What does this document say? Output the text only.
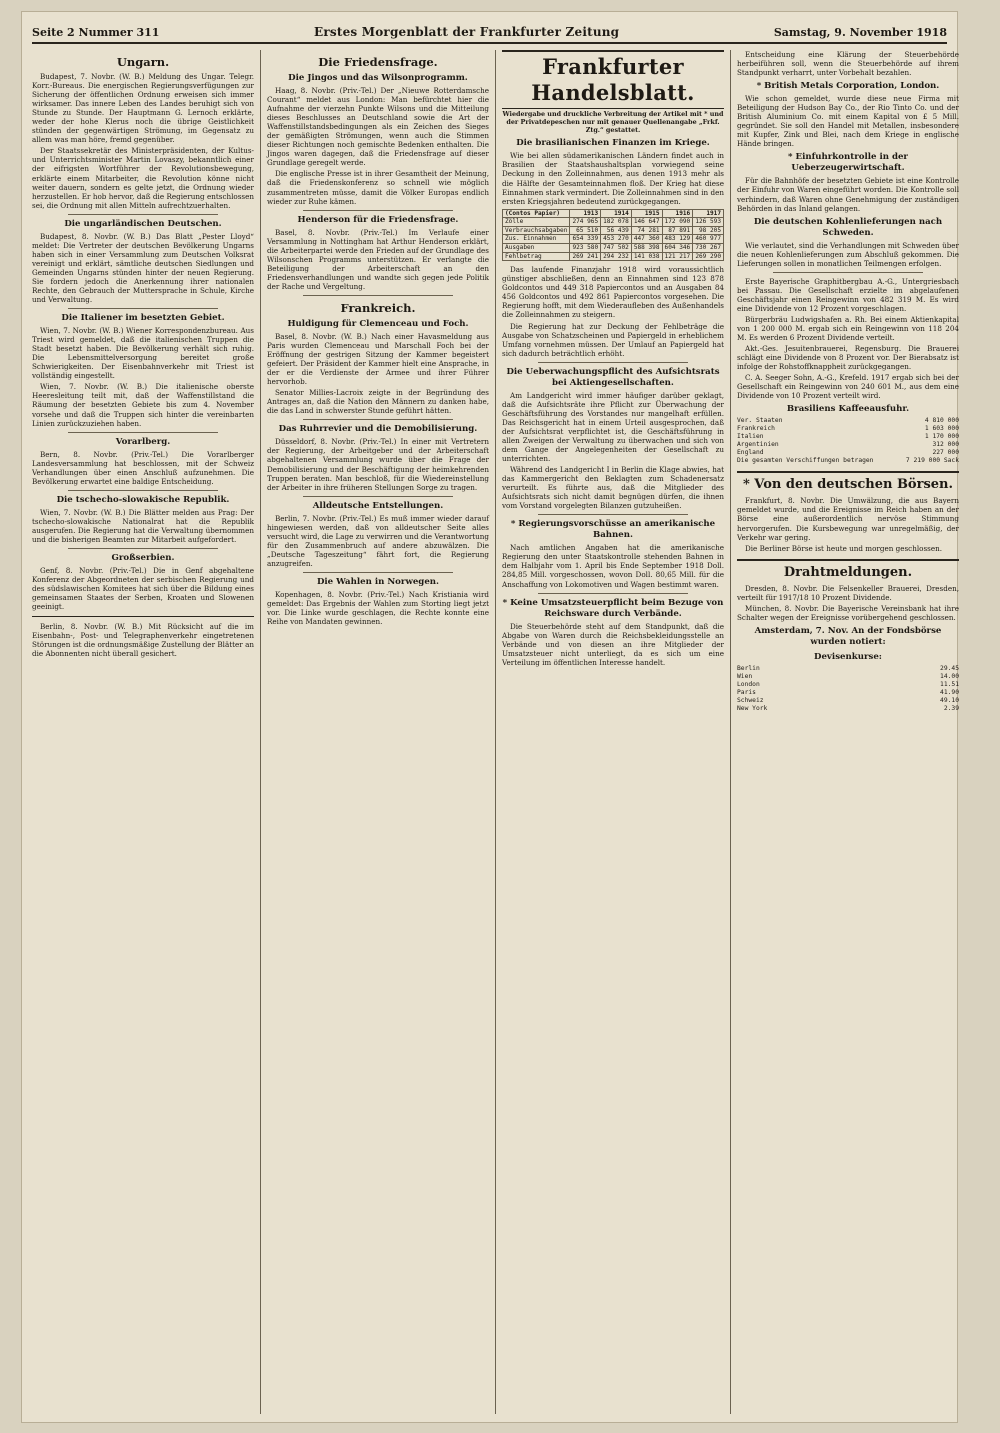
Seite 2 Nummer 311	Erstes Morgenblatt der Frankfurter Zeitung	Samstag, 9. November 1918
Ungarn.

Budapest, 7. Novbr. (W. B.) Meldung des Ungar. Telegr. Korr.-Bureaus. Die energischen Regierungsverfügungen zur Sicherung der öffentlichen Ordnung erweisen sich immer wirksamer. Das innere Leben des Landes beruhigt sich von Stunde zu Stunde. Der Hauptmann G. Lernoch erklärte, weder der hohe Klerus noch die übrige Geistlichkeit stünden der gegenwärtigen Strömung, im Gegensatz zu allem was man höre, fremd gegenüber.

Der Staatssekretär des Ministerpräsidenten, der Kultus- und Unterrichtsminister Martin Lovaszy, bekanntlich einer der eifrigsten Wortführer der Revolutionsbewegung, erklärte einem Mitarbeiter, die Revolution könne nicht weiter dauern, sondern es gelte jetzt, die Ordnung wieder herzustellen. Er hob hervor, daß die Regierung entschlossen sei, die Ordnung mit allen Mitteln aufrechtzuerhalten.

Die ungarländischen Deutschen.

Budapest, 8. Novbr. (W. B.) Das Blatt „Pester Lloyd“ meldet: Die Vertreter der deutschen Bevölkerung Ungarns haben sich in einer Versammlung zum Deutschen Volksrat vereinigt und erklärt, sämtliche deutschen Siedlungen und Gemeinden Ungarns stünden hinter der neuen Regierung. Sie fordern jedoch die Anerkennung ihrer nationalen Rechte, den Gebrauch der Muttersprache in Schule, Kirche und Verwaltung.

Die Italiener im besetzten Gebiet.

Wien, 7. Novbr. (W. B.) Wiener Korrespondenzbureau. Aus Triest wird gemeldet, daß die italienischen Truppen die Stadt besetzt haben. Die Bevölkerung verhält sich ruhig. Die Lebensmittelversorgung bereitet große Schwierigkeiten. Der Eisenbahnverkehr mit Triest ist vollständig eingestellt.

Wien, 7. Novbr. (W. B.) Die italienische oberste Heeresleitung teilt mit, daß der Waffenstillstand die Räumung der besetzten Gebiete bis zum 4. November vorsehe und daß die Truppen sich hinter die vereinbarten Linien zurückzuziehen haben.

Vorarlberg.

Bern, 8. Novbr. (Priv.-Tel.) Die Vorarlberger Landesversammlung hat beschlossen, mit der Schweiz Verhandlungen über einen Anschluß aufzunehmen. Die Bevölkerung erwartet eine baldige Entscheidung.

Die tschecho-slowakische Republik.

Wien, 7. Novbr. (W. B.) Die Blätter melden aus Prag: Der tschecho-slowakische Nationalrat hat die Republik ausgerufen. Die Regierung hat die Verwaltung übernommen und die bisherigen Beamten zur Mitarbeit aufgefordert.

Großserbien.

Genf, 8. Novbr. (Priv.-Tel.) Die in Genf abgehaltene Konferenz der Abgeordneten der serbischen Regierung und des südslawischen Komitees hat sich über die Bildung eines gemeinsamen Staates der Serben, Kroaten und Slowenen geeinigt.

Berlin, 8. Novbr. (W. B.) Mit Rücksicht auf die im Eisenbahn-, Post- und Telegraphenverkehr eingetretenen Störungen ist die ordnungsmäßige Zustellung der Blätter an die Abonnenten nicht überall gesichert.

Die Friedensfrage.
Die Jingos und das Wilsonprogramm.

Haag, 8. Novbr. (Priv.-Tel.) Der „Nieuwe Rotterdamsche Courant“ meldet aus London: Man befürchtet hier die Aufnahme der vierzehn Punkte Wilsons und die Mitteilung dieses Beschlusses an Deutschland sowie die Art der Waffenstillstandsbedingungen als ein Zeichen des Sieges der gemäßigten Strömungen, wenn auch die Stimmen dieser Richtungen noch gemischte Bedenken enthalten. Die Jingos waren dagegen, daß die Friedensfrage auf dieser Grundlage geregelt werde.

Die englische Presse ist in ihrer Gesamtheit der Meinung, daß die Friedenskonferenz so schnell wie möglich zusammentreten müsse, damit die Völker Europas endlich wieder zur Ruhe kämen.

Henderson für die Friedensfrage.

Basel, 8. Novbr. (Priv.-Tel.) Im Verlaufe einer Versammlung in Nottingham hat Arthur Henderson erklärt, die Arbeiterpartei werde den Frieden auf der Grundlage des Wilsonschen Programms unterstützen. Er verlangte die Beteiligung der Arbeiterschaft an den Friedensverhandlungen und wandte sich gegen jede Politik der Rache und Vergeltung.

Frankreich.
Huldigung für Clemenceau und Foch.

Basel, 8. Novbr. (W. B.) Nach einer Havasmeldung aus Paris wurden Clemenceau und Marschall Foch bei der Eröffnung der gestrigen Sitzung der Kammer begeistert gefeiert. Der Präsident der Kammer hielt eine Ansprache, in der er die Verdienste der Armee und ihrer Führer hervorhob.

Senator Millies-Lacroix zeigte in der Begründung des Antrages an, daß die Nation den Männern zu danken habe, die das Land in schwerster Stunde geführt hätten.

Das Ruhrrevier und die Demobilisierung.

Düsseldorf, 8. Novbr. (Priv.-Tel.) In einer mit Vertretern der Regierung, der Arbeitgeber und der Arbeiterschaft abgehaltenen Versammlung wurde über die Frage der Demobilisierung und der Beschäftigung der heimkehrenden Truppen beraten. Man beschloß, für die Wiedereinstellung der Arbeiter in ihre früheren Stellungen Sorge zu tragen.

Alldeutsche Entstellungen.

Berlin, 7. Novbr. (Priv.-Tel.) Es muß immer wieder darauf hingewiesen werden, daß von alldeutscher Seite alles versucht wird, die Lage zu verwirren und die Verantwortung für den Zusammenbruch auf andere abzuwälzen. Die „Deutsche Tageszeitung“ fährt fort, die Regierung anzugreifen.

Die Wahlen in Norwegen.

Kopenhagen, 8. Novbr. (Priv.-Tel.) Nach Kristiania wird gemeldet: Das Ergebnis der Wahlen zum Storting liegt jetzt vor. Die Linke wurde geschlagen, die Rechte konnte eine Reihe von Mandaten gewinnen.

Frankfurter Handelsblatt.
Wiedergabe und druckliche Verbreitung der Artikel mit * und der Privatdepeschen nur mit genauer Quellenangabe „Frkf. Ztg.“ gestattet.
Die brasilianischen Finanzen im Kriege.

Wie bei allen südamerikanischen Ländern findet auch in Brasilien der Staatshaushaltsplan vorwiegend seine Deckung in den Zolleinnahmen, aus denen 1913 mehr als die Hälfte der Gesamteinnahmen floß. Der Krieg hat diese Einnahmen stark vermindert. Die Zolleinnahmen sind in den ersten Kriegsjahren bedeutend zurückgegangen.

(Contos Papier)	1913	1914	1915	1916	1917
Zölle	274 965	182 078	146 647	172 090	126 593
Verbrauchsabgaben	65 510	56 439	74 281	87 891	98 205
Zus. Einnahmen	654 339	453 270	447 360	483 129	460 977
Ausgaben	923 580	747 502	588 398	604 346	730 267
Fehlbetrag	269 241	294 232	141 038	121 217	269 290

Das laufende Finanzjahr 1918 wird voraussichtlich günstiger abschließen, denn an Einnahmen sind 123 878 Goldcontos und 449 318 Papiercontos und an Ausgaben 84 456 Goldcontos und 492 861 Papiercontos vorgesehen. Die Regierung hofft, mit dem Wiederaufleben des Außenhandels die Zolleinnahmen zu steigern.

Die Regierung hat zur Deckung der Fehlbeträge die Ausgabe von Schatzscheinen und Papiergeld in erheblichem Umfang vornehmen müssen. Der Umlauf an Papiergeld hat sich dadurch beträchtlich erhöht.

Die Ueberwachungspflicht des Aufsichtsrats bei Aktiengesellschaften.

Am Landgericht wird immer häufiger darüber geklagt, daß die Aufsichtsräte ihre Pflicht zur Überwachung der Geschäftsführung des Vorstandes nur mangelhaft erfüllen. Das Reichsgericht hat in einem Urteil ausgesprochen, daß der Aufsichtsrat verpflichtet ist, die Geschäftsführung in allen Zweigen der Verwaltung zu überwachen und sich von dem Gange der Angelegenheiten der Gesellschaft zu unterrichten.

Während des Landgericht I in Berlin die Klage abwies, hat das Kammergericht den Beklagten zum Schadenersatz verurteilt. Es führte aus, daß die Mitglieder des Aufsichtsrats sich nicht damit begnügen dürfen, die ihnen vom Vorstand vorgelegten Bilanzen gutzuheißen.

* Regierungsvorschüsse an amerikanische Bahnen.

Nach amtlichen Angaben hat die amerikanische Regierung den unter Staatskontrolle stehenden Bahnen in dem Halbjahr vom 1. April bis Ende September 1918 Doll. 284,85 Mill. vorgeschossen, wovon Doll. 80,65 Mill. für die Anschaffung von Lokomotiven und Wagen bestimmt waren.

* Keine Umsatzsteuerpflicht beim Bezuge von Reichsware durch Verbände.

Die Steuerbehörde steht auf dem Standpunkt, daß die Abgabe von Waren durch die Reichsbekleidungsstelle an Verbände und von diesen an ihre Mitglieder der Umsatzsteuer nicht unterliegt, da es sich um eine Verteilung im öffentlichen Interesse handelt.

Entscheidung eine Klärung der Steuerbehörde herbeiführen soll, wenn die Steuerbehörde auf ihrem Standpunkt verharrt, unter Vorbehalt bezahlen.

* British Metals Corporation, London.

Wie schon gemeldet, wurde diese neue Firma mit Beteiligung der Hudson Bay Co., der Rio Tinto Co. und der British Aluminium Co. mit einem Kapital von £ 5 Mill. gegründet. Sie soll den Handel mit Metallen, insbesondere mit Kupfer, Zink und Blei, nach dem Kriege in englische Hände bringen.

* Einfuhrkontrolle in der Ueberzeugerwirtschaft.

Für die Bahnhöfe der besetzten Gebiete ist eine Kontrolle der Einfuhr von Waren eingeführt worden. Die Kontrolle soll verhindern, daß Waren ohne Genehmigung der zuständigen Behörden in das Inland gelangen.

Die deutschen Kohlenlieferungen nach Schweden.

Wie verlautet, sind die Verhandlungen mit Schweden über die neuen Kohlenlieferungen zum Abschluß gekommen. Die Lieferungen sollen in monatlichen Teilmengen erfolgen.

Erste Bayerische Graphitbergbau A.-G., Untergriesbach bei Passau. Die Gesellschaft erzielte im abgelaufenen Geschäftsjahr einen Reingewinn von 482 319 M. Es wird eine Dividende von 12 Prozent vorgeschlagen.

Bürgerbräu Ludwigshafen a. Rh. Bei einem Aktienkapital von 1 200 000 M. ergab sich ein Reingewinn von 118 204 M. Es werden 6 Prozent Dividende verteilt.

Akt.-Ges. Jesuitenbrauerei, Regensburg. Die Brauerei schlägt eine Dividende von 8 Prozent vor. Der Bierabsatz ist infolge der Rohstoffknappheit zurückgegangen.

C. A. Seeger Sohn, A.-G., Krefeld. 1917 ergab sich bei der Gesellschaft ein Reingewinn von 240 601 M., aus dem eine Dividende von 10 Prozent verteilt wird.

Brasiliens Kaffeeausfuhr.
Ver. Staaten	4 810 000
Frankreich	1 603 000
Italien	1 170 000
Argentinien	312 000
England	227 000
Die gesamten Verschiffungen betragen	7 219 000 Sack
* Von den deutschen Börsen.

Frankfurt, 8. Novbr. Die Umwälzung, die aus Bayern gemeldet wurde, und die Ereignisse im Reich haben an der Börse eine außerordentlich nervöse Stimmung hervorgerufen. Die Kursbewegung war unregelmäßig, der Verkehr war gering.

Die Berliner Börse ist heute und morgen geschlossen.

Drahtmeldungen.

Dresden, 8. Novbr. Die Felsenkeller Brauerei, Dresden, verteilt für 1917/18 10 Prozent Dividende.

München, 8. Novbr. Die Bayerische Vereinsbank hat ihre Schalter wegen der Ereignisse vorübergehend geschlossen.

Amsterdam, 7. Nov. An der Fondsbörse wurden notiert:
Devisenkurse:
Berlin	29.45
Wien	14.00
London	11.51
Paris	41.90
Schweiz	49.10
New York	2.39
